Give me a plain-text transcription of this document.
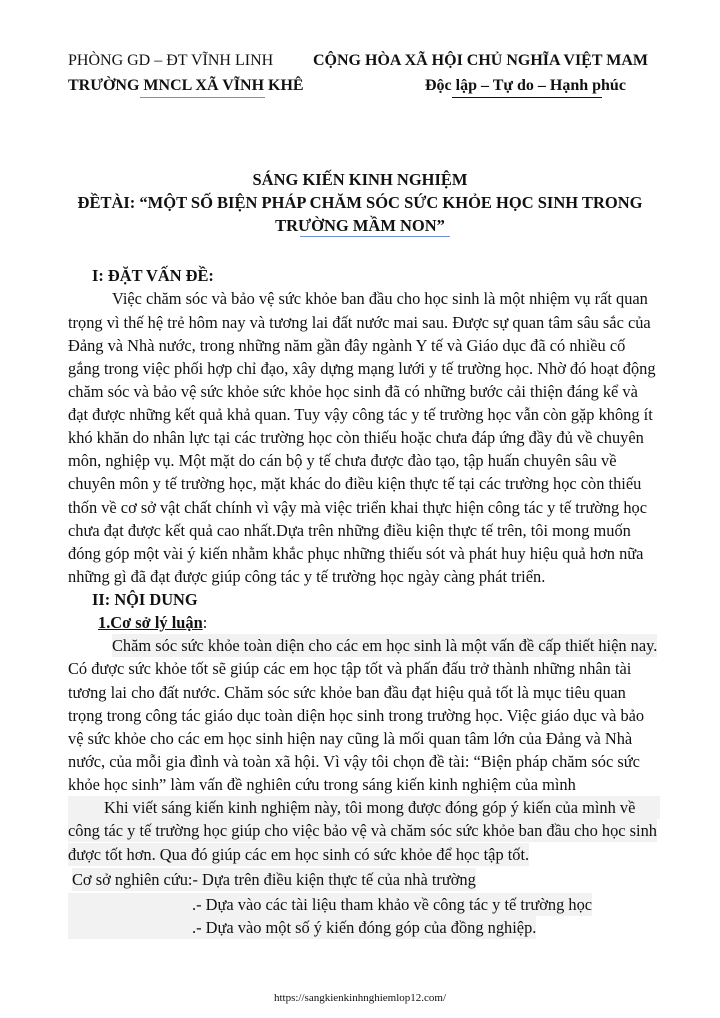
PHÒNG GD – ĐT VĨNH LINH CỘNG HÒA XÃ HỘI CHỦ NGHĨA VIỆT MAM
TRƯỜNG MNCL XÃ VĨNH KHÊ	Độc lập – Tự do – Hạnh phúc
SÁNG KIẾN KINH NGHIỆM
ĐỀTÀI: “MỘT SỐ BIỆN PHÁP CHĂM SÓC SỨC KHỎE HỌC SINH TRONG
TRƯỜNG MẦM NON”
I: ĐẶT VẤN ĐỀ:
Việc chăm sóc và bảo vệ sức khỏe ban đầu cho học sinh là một nhiệm vụ rất quan
trọng vì thế hệ trẻ hôm nay và tương lai đất nước mai sau. Được sự quan tâm sâu sắc của
Đảng và Nhà nước, trong những năm gần đây ngành Y tế và Giáo dục đã có nhiều cố
gắng trong việc phối hợp chỉ đạo, xây dựng mạng lưới y tế trường học. Nhờ đó hoạt động
chăm sóc và bảo vệ sức khỏe sức khỏe học sinh đã có những bước cải thiện đáng kể và
đạt được những kết quả khả quan. Tuy vậy công tác y tế trường học vẫn còn gặp không ít
khó khăn do nhân lực tại các trường học còn thiếu hoặc chưa đáp ứng đầy đủ về chuyên
môn, nghiệp vụ. Một mặt do cán bộ y tế chưa được đào tạo, tập huấn chuyên sâu về
chuyên môn y tế trường học, mặt khác do điều kiện thực tế tại các trường học còn thiếu
thốn về cơ sở vật chất chính vì vậy mà việc triển khai thực hiện công tác y tế trường học
chưa đạt được kết quả cao nhất.Dựa trên những điều kiện thực tế trên, tôi mong muốn
đóng góp một vài ý kiến nhằm khắc phục những thiếu sót và phát huy hiệu quả hơn nữa
những gì đã đạt được giúp công tác y tế trường học ngày càng phát triển.
II: NỘI DUNG
1.Cơ sở lý luận:
Chăm sóc sức khỏe toàn diện cho các em học sinh là một vấn đề cấp thiết hiện nay.
Có được sức khỏe tốt sẽ giúp các em học tập tốt và phấn đấu trở thành những nhân tài
tương lai cho đất nước. Chăm sóc sức khỏe ban đầu đạt hiệu quả tốt là mục tiêu quan
trọng trong công tác giáo dục toàn diện học sinh trong trường học. Việc giáo dục và bảo
vệ sức khỏe cho các em học sinh hiện nay cũng là mối quan tâm lớn của Đảng và Nhà
nước, của mỗi gia đình và toàn xã hội. Vì vậy tôi chọn đề tài: “Biện pháp chăm sóc sức
khỏe học sinh” làm vấn đề nghiên cứu trong sáng kiến kinh nghiệm của mình
Khi viết sáng kiến kinh nghiệm này, tôi mong được đóng góp ý kiến của mình về
công tác y tế trường học giúp cho việc bảo vệ và chăm sóc sức khỏe ban đầu cho học sinh
được tốt hơn. Qua đó giúp các em học sinh có sức khỏe để học tập tốt.
Cơ sở nghiên cứu:- Dựa trên điều kiện thực tế của nhà trường
.- Dựa vào các tài liệu tham khảo về công tác y tế trường học
.- Dựa vào một số ý kiến đóng góp của đồng nghiệp.
https://sangkienkinhnghiemlop12.com/
